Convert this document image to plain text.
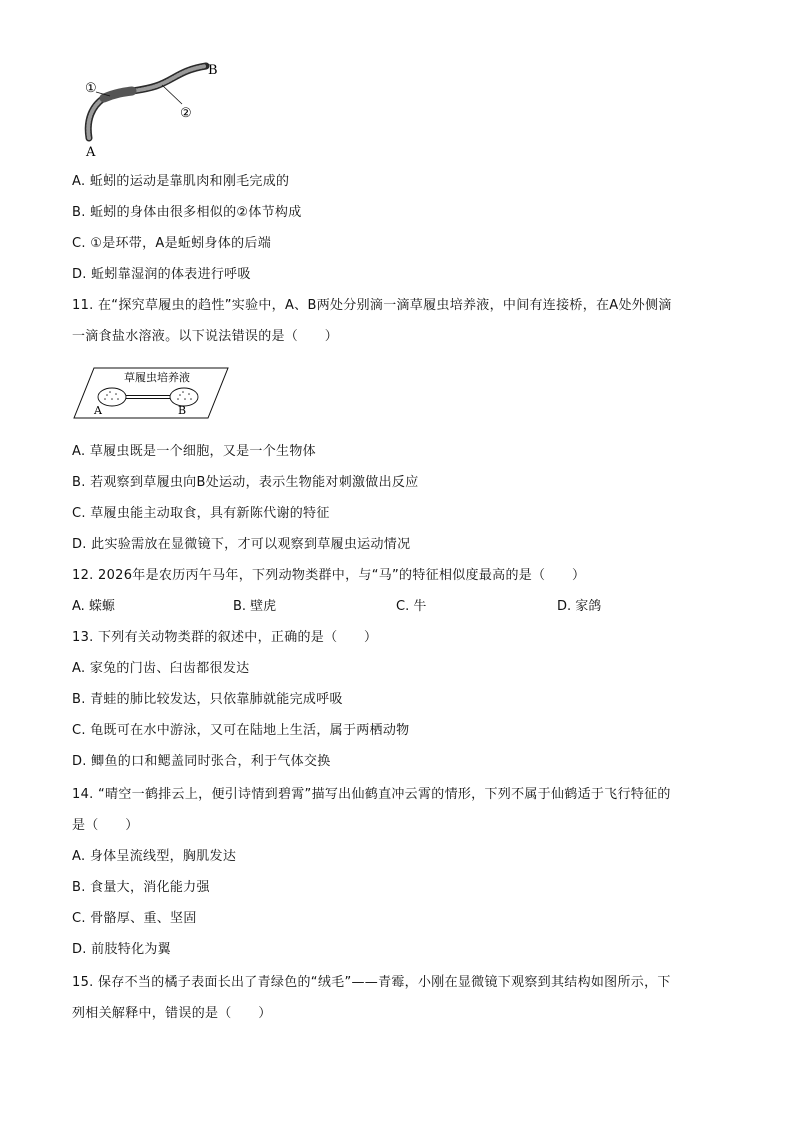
①
②
B
A
A. 蚯蚓的运动是靠肌肉和刚毛完成的
B. 蚯蚓的身体由很多相似的②体节构成
C. ①是环带，A是蚯蚓身体的后端
D. 蚯蚓靠湿润的体表进行呼吸
11. 在“探究草履虫的趋性”实验中，A、B两处分别滴一滴草履虫培养液，中间有连接桥，在A处外侧滴
一滴食盐水溶液。以下说法错误的是（　　）
草履虫培养液
A	B
A. 草履虫既是一个细胞，又是一个生物体
B. 若观察到草履虫向B处运动，表示生物能对刺激做出反应
C. 草履虫能主动取食，具有新陈代谢的特征
D. 此实验需放在显微镜下，才可以观察到草履虫运动情况
12. 2026年是农历丙午马年，下列动物类群中，与“马”的特征相似度最高的是（　　）
A. 蝾螈	B. 壁虎	C. 牛	D. 家鸽
13. 下列有关动物类群的叙述中，正确的是（　　）
A. 家兔的门齿、臼齿都很发达
B. 青蛙的肺比较发达，只依靠肺就能完成呼吸
C. 龟既可在水中游泳，又可在陆地上生活，属于两栖动物
D. 鲫鱼的口和鳃盖同时张合，利于气体交换
14. “晴空一鹤排云上，便引诗情到碧霄”描写出仙鹤直冲云霄的情形，下列不属于仙鹤适于飞行特征的
是（　　）
A. 身体呈流线型，胸肌发达
B. 食量大，消化能力强
C. 骨骼厚、重、坚固
D. 前肢特化为翼
15. 保存不当的橘子表面长出了青绿色的“绒毛”——青霉，小刚在显微镜下观察到其结构如图所示，下
列相关解释中，错误的是（　　）
